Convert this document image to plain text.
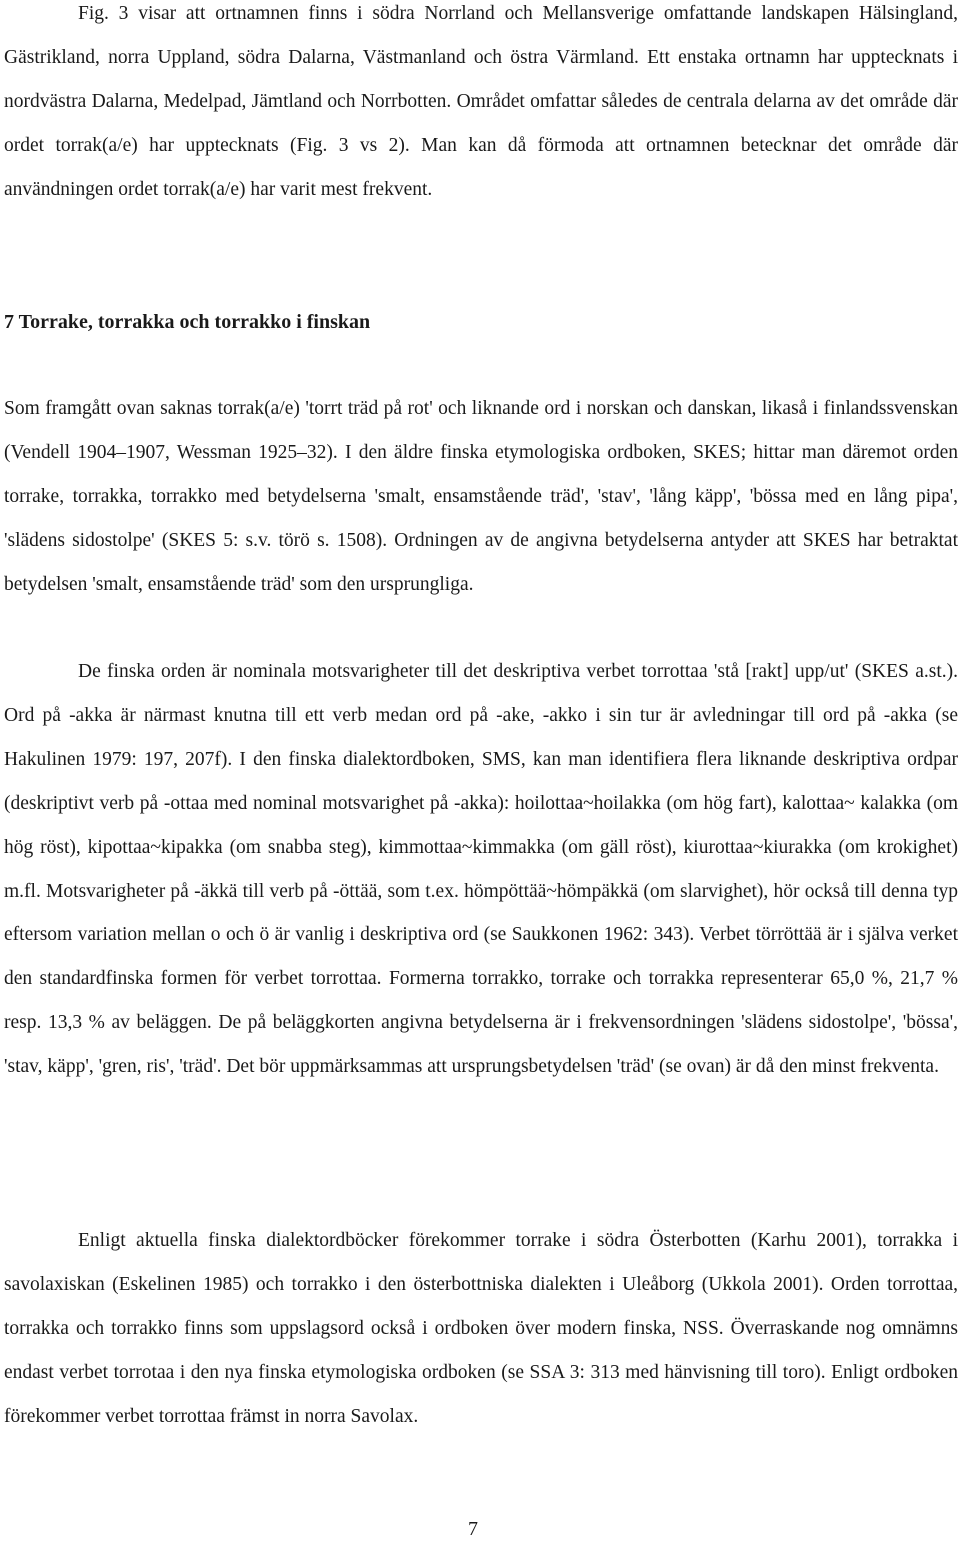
Fig. 3 visar att ortnamnen finns i södra Norrland och Mellansverige omfattande landskapen Hälsingland, Gästrikland, norra Uppland, södra Dalarna, Västmanland och östra Värmland. Ett enstaka ortnamn har upptecknats i nordvästra Dalarna, Medelpad, Jämtland och Norrbotten. Området omfattar således de centrala delarna av det område där ordet torrak(a/e) har upptecknats (Fig. 3 vs 2). Man kan då förmoda att ortnamnen betecknar det område där användningen ordet torrak(a/e) har varit mest frekvent.

7 Torrake, torrakka och torrakko i finskan

Som framgått ovan saknas torrak(a/e) 'torrt träd på rot' och liknande ord i norskan och danskan, likaså i finlandssvenskan (Vendell 1904–1907, Wessman 1925–32). I den äldre finska etymologiska ordboken, SKES; hittar man däremot orden torrake, torrakka, torrakko med betydelserna 'smalt, ensamstående träd', 'stav', 'lång käpp', 'bössa med en lång pipa', 'slädens sidostolpe' (SKES 5: s.v. törö s. 1508). Ordningen av de angivna betydelserna antyder att SKES har betraktat betydelsen 'smalt, ensamstående träd' som den ursprungliga.

De finska orden är nominala motsvarigheter till det deskriptiva verbet torrottaa 'stå [rakt] upp/ut' (SKES a.st.). Ord på -akka är närmast knutna till ett verb medan ord på -ake, -akko i sin tur är avledningar till ord på -akka (se Hakulinen 1979: 197, 207f). I den finska dialektordboken, SMS, kan man identifiera flera liknande deskriptiva ordpar (deskriptivt verb på -ottaa med nominal motsvarighet på -akka): hoilottaa~hoilakka (om hög fart), kalottaa~ kalakka (om hög röst), kipottaa~kipakka (om snabba steg), kimmottaa~kimmakka (om gäll röst), kiurottaa~kiurakka (om krokighet) m.fl. Motsvarigheter på -äkkä till verb på -öttää, som t.ex. hömpöttää~hömpäkkä (om slarvighet), hör också till denna typ eftersom variation mellan o och ö är vanlig i deskriptiva ord (se Saukkonen 1962: 343). Verbet törröttää är i själva verket den standardfinska formen för verbet torrottaa. Formerna torrakko, torrake och torrakka representerar 65,0 %, 21,7 % resp. 13,3 % av beläggen. De på beläggkorten angivna betydelserna är i frekvensordningen 'slädens sidostolpe', 'bössa', 'stav, käpp', 'gren, ris', 'träd'. Det bör uppmärksammas att ursprungsbetydelsen 'träd' (se ovan) är då den minst frekventa.

Enligt aktuella finska dialektordböcker förekommer torrake i södra Österbotten (Karhu 2001), torrakka i savolaxiskan (Eskelinen 1985) och torrakko i den österbottniska dialekten i Uleåborg (Ukkola 2001). Orden torrottaa, torrakka och torrakko finns som uppslagsord också i ordboken över modern finska, NSS. Överraskande nog omnämns endast verbet torrotaa i den nya finska etymologiska ordboken (se SSA 3: 313 med hänvisning till toro). Enligt ordboken förekommer verbet torrottaa främst in norra Savolax.

7
